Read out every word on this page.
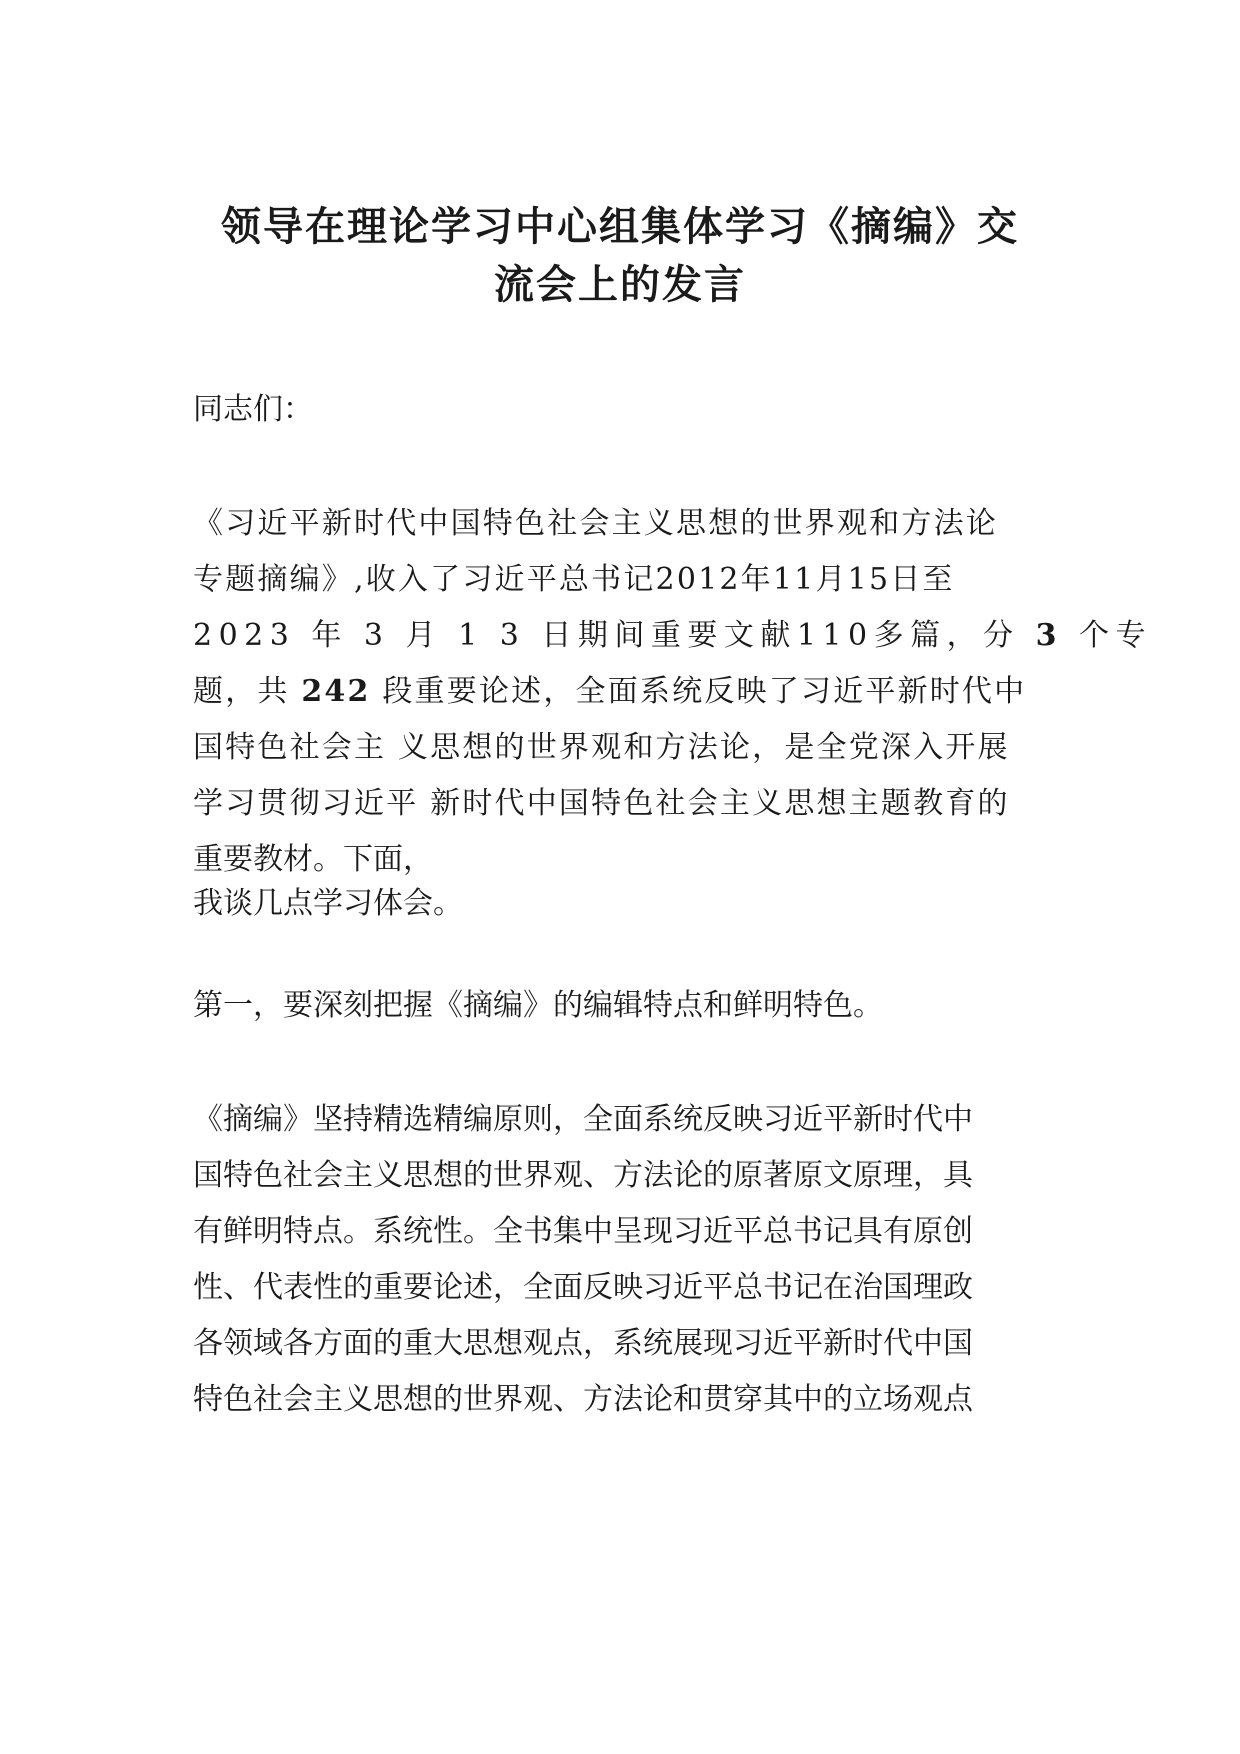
领导在理论学习中心组集体学习《摘编》交
流会上的发言
同志们：
《习近平新时代中国特色社会主义思想的世界观和方法论
专题摘编》,收入了习近平总书记2012年11月15日至
2023 年 3 月 1 3 日期间重要文献110多篇，分 3 个专
题，共 242 段重要论述，全面系统反映了习近平新时代中
国特色社会主 义思想的世界观和方法论，是全党深入开展
学习贯彻习近平 新时代中国特色社会主义思想主题教育的
重要教材。下面，
我谈几点学习体会。
第一，要深刻把握《摘编》的编辑特点和鲜明特色。
《摘编》坚持精选精编原则，全面系统反映习近平新时代中
国特色社会主义思想的世界观、方法论的原著原文原理，具
有鲜明特点。系统性。全书集中呈现习近平总书记具有原创
性、代表性的重要论述，全面反映习近平总书记在治国理政
各领域各方面的重大思想观点，系统展现习近平新时代中国
特色社会主义思想的世界观、方法论和贯穿其中的立场观点
